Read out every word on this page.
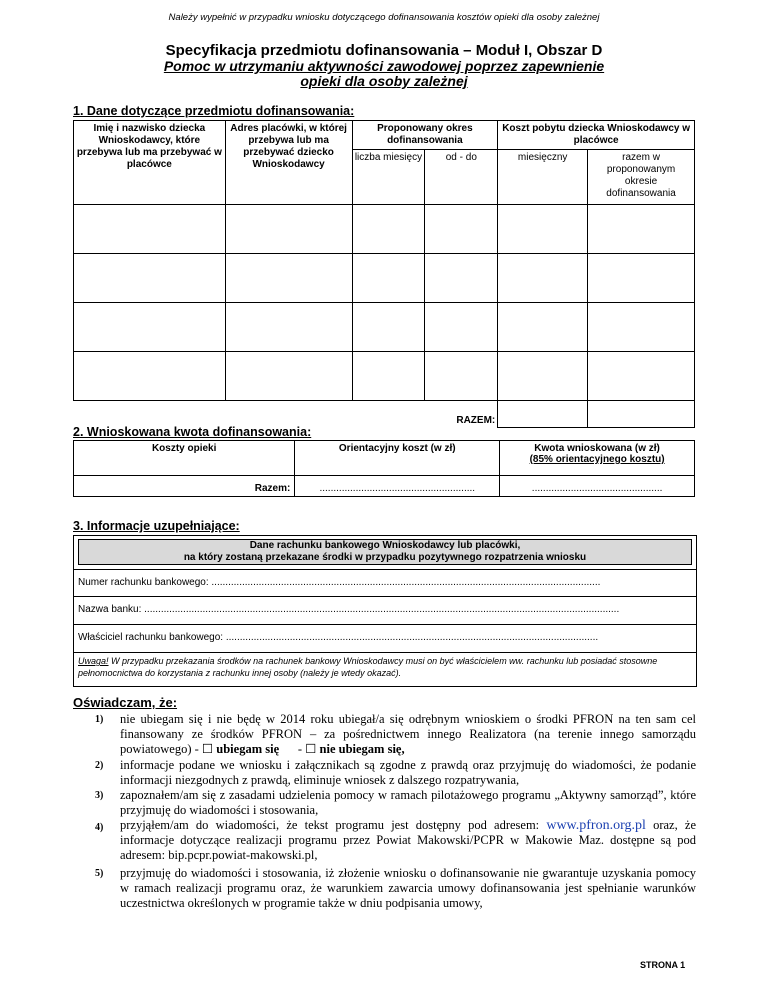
Należy wypełnić w przypadku wniosku dotyczącego dofinansowania kosztów opieki dla osoby zależnej
Specyfikacja przedmiotu dofinansowania – Moduł I, Obszar D
Pomoc w utrzymaniu aktywności zawodowej poprzez zapewnienie
opieki dla osoby zależnej
1. Dane dotyczące przedmiotu dofinansowania:
Imię i nazwisko dziecka Wnioskodawcy, które przebywa lub ma przebywać w placówce	Adres placówki, w której przebywa lub ma przebywać dziecko Wnioskodawcy	Proponowany okres dofinansowania		Koszt pobytu dziecka Wnioskodawcy w placówce	
		liczba miesięcy	od - do	miesięczny	razem w proponowanym okresie dofinansowania

RAZEM:					
2. Wnioskowana kwota dofinansowania:
Koszty opieki	Orientacyjny koszt (w zł)	Kwota wnioskowana (w zł)
(85% orientacyjnego kosztu)

Razem:	........................................................	...............................................
3. Informacje uzupełniające:
Dane rachunku bankowego Wnioskodawcy lub placówki,
na który zostaną przekazane środki w przypadku pozytywnego rozpatrzenia wniosku
Numer rachunku bankowego: ............................................................................................................................................
Nazwa banku: ...........................................................................................................................................................................
Właściciel rachunku bankowego: ......................................................................................................................................
Uwaga! W przypadku przekazania środków na rachunek bankowy Wnioskodawcy musi on być właścicielem ww. rachunku lub posiadać stosowne pełnomocnictwa do korzystania z rachunku innej osoby (należy je wtedy okazać).
Oświadczam, że:
1) nie ubiegam się i nie będę w 2014 roku ubiegał/a się odrębnym wnioskiem o środki PFRON na ten sam cel finansowany ze środków PFRON – za pośrednictwem innego Realizatora (na terenie innego samorządu powiatowego) - ☐ ubiegam się      - ☐ nie ubiegam się,
2) informacje podane we wniosku i załącznikach są zgodne z prawdą oraz przyjmuję do wiadomości, że podanie informacji niezgodnych z prawdą, eliminuje wniosek z dalszego rozpatrywania,
3) zapoznałem/am się z zasadami udzielenia pomocy w ramach pilotażowego programu „Aktywny samorząd”, które przyjmuję do wiadomości i stosowania,
4) przyjąłem/am do wiadomości, że tekst programu jest dostępny pod adresem: www.pfron.org.pl oraz, że informacje dotyczące realizacji programu przez Powiat Makowski/PCPR w Makowie Maz. dostępne są pod adresem: bip.pcpr.powiat-makowski.pl,
5) przyjmuję do wiadomości i stosowania, iż złożenie wniosku o dofinansowanie nie gwarantuje uzyskania pomocy w ramach realizacji programu oraz, że warunkiem zawarcia umowy dofinansowania jest spełnianie warunków uczestnictwa określonych w programie także w dniu podpisania umowy,
STRONA 1
